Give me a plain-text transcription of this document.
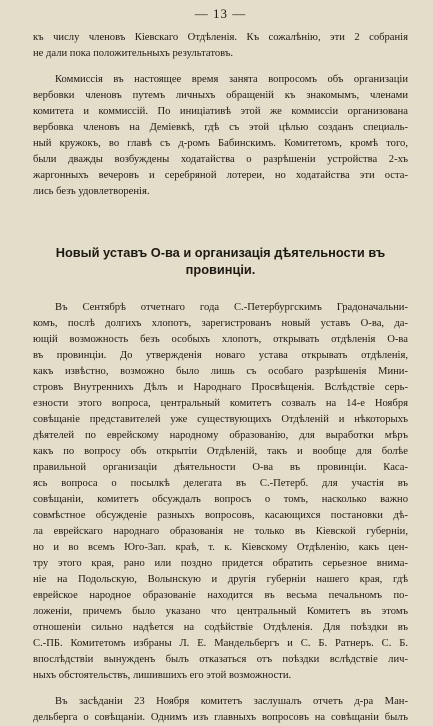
— 13 —
къ числу членовъ Кіевскаго Отдѣленія. Къ сожалѣнію, эти 2 собранія
не дали пока положительныхъ результатовъ.
Коммиссія въ настоящее время занята вопросомъ объ организаціи
вербовки членовъ путемъ личныхъ обращеній къ знакомымъ, членами
комитета и коммиссій. По иниціативѣ этой же коммиссіи организована
вербовка членовъ на Деміевкѣ, гдѣ съ этой цѣлью созданъ специаль-
ный кружокъ, во главѣ съ д-ромъ Бабинскимъ. Комитетомъ, кромѣ того,
были дважды возбуждены ходатайства о разрѣшеніи устройства 2-хъ
жаргонныхъ вечеровъ и серебряной лотереи, но ходатайства эти оста-
лись безъ удовлетворенія.
Новый уставъ О-ва и организація дѣятельности въ провинціи.
Въ Сентябрѣ отчетнаго года С.-Петербургскимъ Градоначальни-
комъ, послѣ долгихъ хлопотъ, зарегистрованъ новый уставъ О-ва, да-
ющій возможность безъ особыхъ хлопотъ, открывать отдѣленія О-ва
въ провинціи. До утвержденія новаго устава открывать отдѣленія,
какъ извѣстно, возможно было лишь съ особаго разрѣшенія Мини-
стровъ Внутреннихъ Дѣлъ и Народнаго Просвѣщенія. Вслѣдствіе серь-
езности этого вопроса, центральный комитетъ созвалъ на 14-е Ноября
совѣщаніе представителей уже существующихъ Отдѣленій и нѣкоторыхъ
дѣятелей по еврейскому народному образованію, для выработки мѣръ
какъ по вопросу объ открытіи Отдѣленій, такъ и вообще для болѣе
правильной организаціи дѣятельности О-ва въ провинціи. Каса-
ясь вопроса о посылкѣ делегата въ С.-Петерб. для участія въ
совѣщаніи, комитетъ обсуждалъ вопросъ о томъ, насколько важно
совмѣстное обсужденіе разныхъ вопросовъ, касающихся постановки дѣ-
ла еврейскаго народнаго образованія не только въ Кіевской губерніи,
но и во всемъ Юго-Зап. краѣ, т. к. Кіевскому Отдѣленію, какъ цен-
тру этого края, рано или поздно придется обратить серьезное внима-
ніе на Подольскую, Волынскую и другія губерніи нашего края, гдѣ
еврейское народное образованіе находится въ весьма печальномъ по-
ложеніи, причемъ было указано что центральный Комитетъ въ этомъ
отношеніи сильно надѣется на содѣйствіе Отдѣленія. Для поѣздки въ
С.-ПБ. Комитетомъ избраны Л. Е. Мандельбергъ и С. Б. Ратнеръ. С. Б.
впослѣдствіи вынужденъ былъ отказаться отъ поѣздки вслѣдствіе лич-
ныхъ обстоятельствъ, лишившихъ его этой возможности.
Въ засѣданіи 23 Ноября комитетъ заслушалъ отчетъ д-ра Ман-
дельберга о совѣщаніи. Однимъ изъ главныхъ вопросовъ на совѣщаніи былъ
